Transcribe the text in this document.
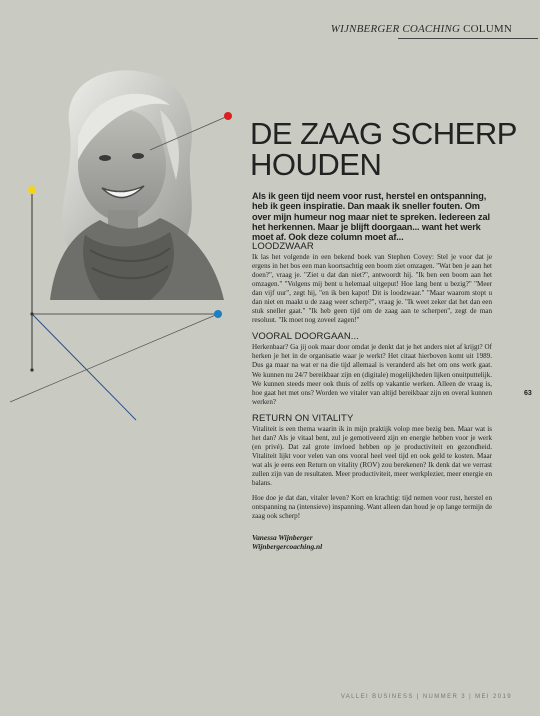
WIJNBERGER COACHING COLUMN
DE ZAAG SCHERP
HOUDEN

Als ik geen tijd neem voor rust, herstel en ontspanning, heb ik geen inspiratie. Dan maak ik sneller fouten. Om over mijn humeur nog maar niet te spreken. Iedereen zal het herkennen. Maar je blijft doorgaan... want het werk moet af. Ook deze column moet af...

LOODZWAAR

Ik las het volgende in een bekend boek van Stephen Covey: Stel je voor dat je ergens in het bos een man koortsachtig een boom ziet omzagen. "Wat ben je aan het doen?", vraag je. "Ziet u dat dan niet?", antwoordt hij. "Ik ben een boom aan het omzagen." "Volgens mij bent u helemaal uitgeput! Hoe lang bent u bezig?" "Meer dan vijf uur", zegt hij, "en ik ben kapot! Dit is loodzwaar." "Maar waarom stopt u dan niet en maakt u de zaag weer scherp?", vraag je. "Ik weet zeker dat het dan een stuk sneller gaat." "Ik heb geen tijd om de zaag aan te scherpen", zegt de man resoluut. "Ik moet nog zoveel zagen!"

VOORAL DOORGAAN...

Herkenbaar? Ga jij ook maar door omdat je denkt dat je het anders niet af krijgt? Of herken je het in de organisatie waar je werkt? Het citaat hierboven komt uit 1989. Dus ga maar na wat er na die tijd allemaal is veranderd als het om ons werk gaat. We kunnen nu 24/7 bereikbaar zijn en (digitale) mogelijkheden lijken onuitputtelijk. We kunnen steeds meer ook thuis of zelfs op vakantie werken. Alleen de vraag is, hoe gaat het met ons? Worden we vitaler van altijd bereikbaar zijn en overal kunnen werken?

RETURN ON VITALITY

Vitaliteit is een thema waarin ik in mijn praktijk volop mee bezig ben. Maar wat is het dan? Als je vitaal bent, zul je gemotiveerd zijn en energie hebben voor je werk (en privé). Dat zal grote invloed hebben op je productiviteit en gezondheid. Vitaliteit lijkt voor velen van ons vooral heel veel tijd en ook geld te kosten. Maar wat als je eens een Return on vitality (ROV) zou berekenen? Ik denk dat we verrast zullen zijn van de resultaten. Meer productiviteit, meer werkplezier, meer energie en balans.

Hoe doe je dat dan, vitaler leven? Kort en krachtig: tijd nemen voor rust, herstel en ontspanning na (intensieve) inspanning. Want alleen dan houd je op lange termijn de zaag ook scherp!

Vanessa Wijnberger
Wijnbergercoaching.nl
63
VALLEI BUSINESS | NUMMER 3 | MEI 2019
